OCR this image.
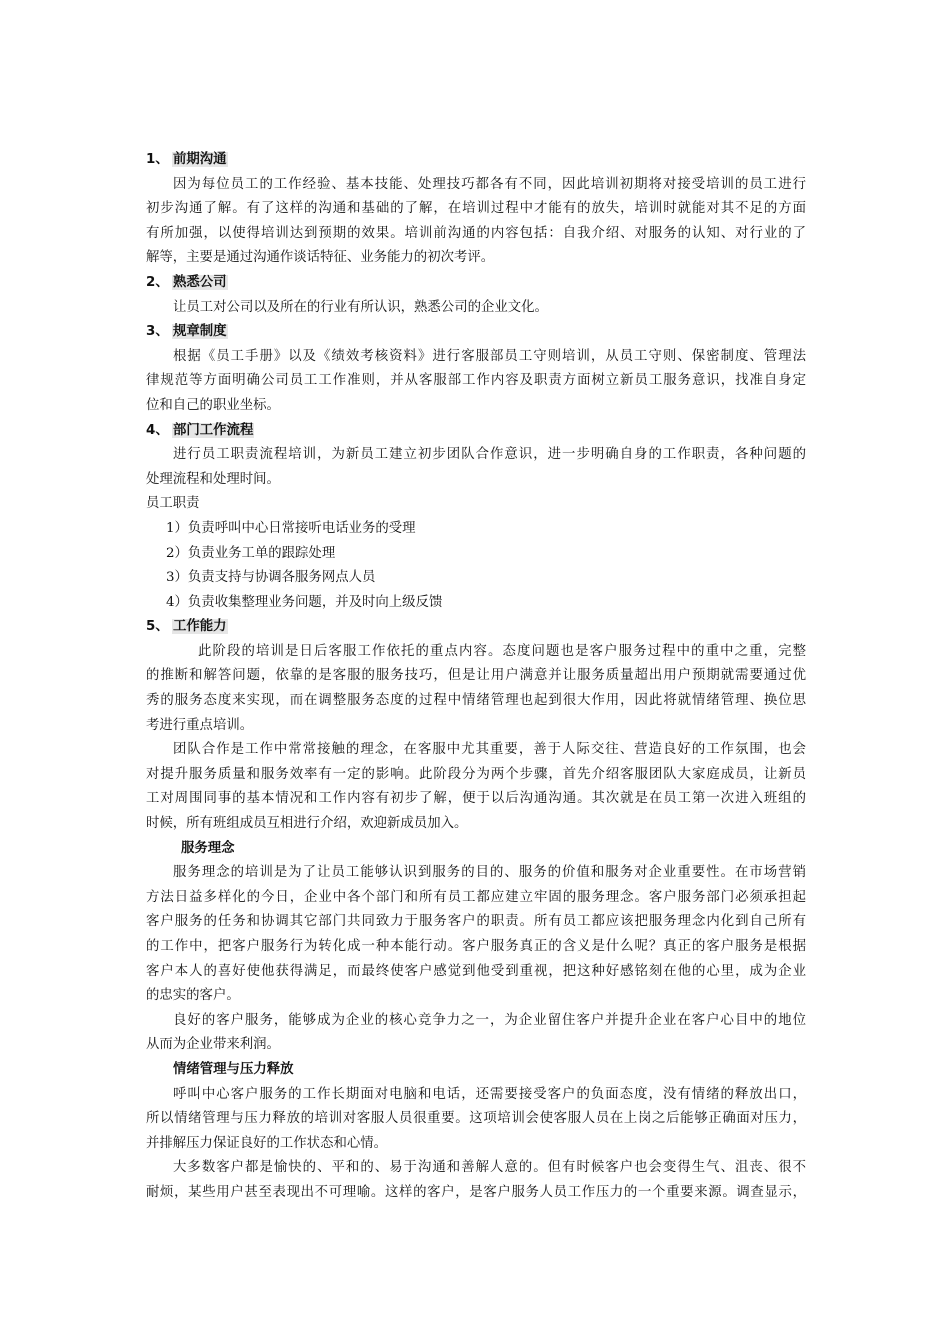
1、 前期沟通
因为每位员工的工作经验、基本技能、处理技巧都各有不同，因此培训初期将对接受培训的员工进行
初步沟通了解。有了这样的沟通和基础的了解，在培训过程中才能有的放失，培训时就能对其不足的方面
有所加强，以使得培训达到预期的效果。培训前沟通的内容包括：自我介绍、对服务的认知、对行业的了
解等，主要是通过沟通作谈话特征、业务能力的初次考评。
2、 熟悉公司
让员工对公司以及所在的行业有所认识，熟悉公司的企业文化。
3、 规章制度
根据《员工手册》以及《绩效考核资料》进行客服部员工守则培训，从员工守则、保密制度、管理法
律规范等方面明确公司员工工作准则，并从客服部工作内容及职责方面树立新员工服务意识，找准自身定
位和自己的职业坐标。
4、 部门工作流程
进行员工职责流程培训，为新员工建立初步团队合作意识，进一步明确自身的工作职责，各种问题的
处理流程和处理时间。
员工职责
1）负责呼叫中心日常接听电话业务的受理
2）负责业务工单的跟踪处理
3）负责支持与协调各服务网点人员
4）负责收集整理业务问题，并及时向上级反馈
5、 工作能力
此阶段的培训是日后客服工作依托的重点内容。态度问题也是客户服务过程中的重中之重，完整
的推断和解答问题，依靠的是客服的服务技巧，但是让用户满意并让服务质量超出用户预期就需要通过优
秀的服务态度来实现，而在调整服务态度的过程中情绪管理也起到很大作用，因此将就情绪管理、换位思
考进行重点培训。
团队合作是工作中常常接触的理念，在客服中尤其重要，善于人际交往、营造良好的工作氛围，也会
对提升服务质量和服务效率有一定的影响。此阶段分为两个步骤，首先介绍客服团队大家庭成员，让新员
工对周围同事的基本情况和工作内容有初步了解，便于以后沟通沟通。其次就是在员工第一次进入班组的
时候，所有班组成员互相进行介绍，欢迎新成员加入。
服务理念
服务理念的培训是为了让员工能够认识到服务的目的、服务的价值和服务对企业重要性。在市场营销
方法日益多样化的今日，企业中各个部门和所有员工都应建立牢固的服务理念。客户服务部门必须承担起
客户服务的任务和协调其它部门共同致力于服务客户的职责。所有员工都应该把服务理念内化到自己所有
的工作中，把客户服务行为转化成一种本能行动。客户服务真正的含义是什么呢？真正的客户服务是根据
客户本人的喜好使他获得满足，而最终使客户感觉到他受到重视，把这种好感铭刻在他的心里，成为企业
的忠实的客户。
良好的客户服务，能够成为企业的核心竞争力之一，为企业留住客户并提升企业在客户心目中的地位
从而为企业带来利润。
情绪管理与压力释放
呼叫中心客户服务的工作长期面对电脑和电话，还需要接受客户的负面态度，没有情绪的释放出口，
所以情绪管理与压力释放的培训对客服人员很重要。这项培训会使客服人员在上岗之后能够正确面对压力，
并排解压力保证良好的工作状态和心情。
大多数客户都是愉快的、平和的、易于沟通和善解人意的。但有时候客户也会变得生气、沮丧、很不
耐烦，某些用户甚至表现出不可理喻。这样的客户，是客户服务人员工作压力的一个重要来源。调查显示，
